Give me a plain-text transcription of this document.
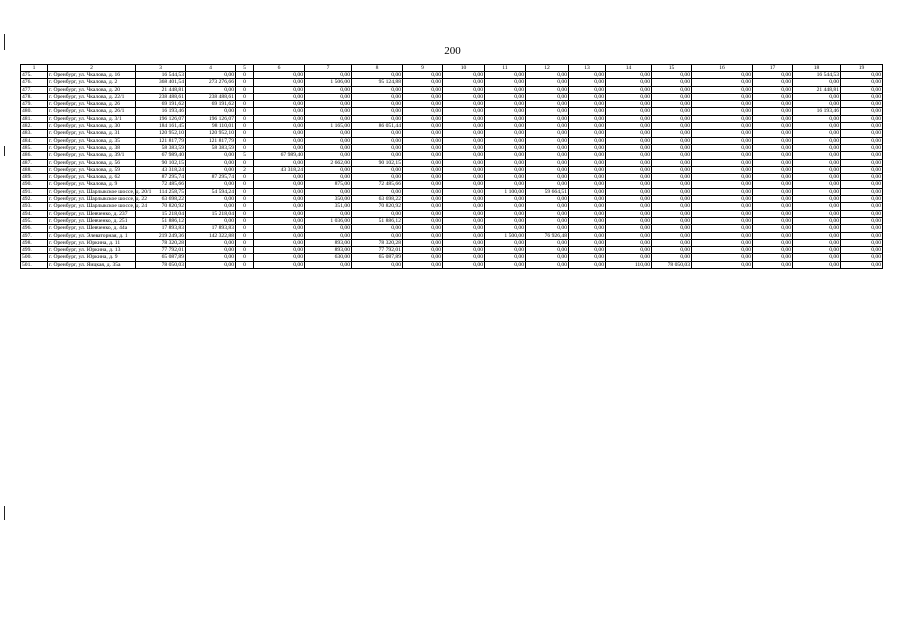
200
1	2	3	4	5	6	7	8	9	10	11	12	13	14	15	16	17	18	19
475.	г. Оренбург, ул. Чкалова, д. 16	16 544,53	0,00	0	0,00	0,00	0,00	0,00	0,00	0,00	0,00	0,00	0,00	0,00	0,00	0,00	16 544,53	0,00
476.	г. Оренбург, ул. Чкалова, д. 2	368 401,54	273 276,66	0	0,00	1 506,00	95 124,88	0,00	0,00	0,00	0,00	0,00	0,00	0,00	0,00	0,00	0,00	0,00
477.	г. Оренбург, ул. Чкалова, д. 20	21 448,81	0,00	0	0,00	0,00	0,00	0,00	0,00	0,00	0,00	0,00	0,00	0,00	0,00	0,00	21 448,81	0,00
478.	г. Оренбург, ул. Чкалова, д. 22/1	238 488,61	238 488,61	0	0,00	0,00	0,00	0,00	0,00	0,00	0,00	0,00	0,00	0,00	0,00	0,00	0,00	0,00
479.	г. Оренбург, ул. Чкалова, д. 26	69 191,62	69 191,62	0	0,00	0,00	0,00	0,00	0,00	0,00	0,00	0,00	0,00	0,00	0,00	0,00	0,00	0,00
480.	г. Оренбург, ул. Чкалова, д. 26/1	16 193,46	0,00	0	0,00	0,00	0,00	0,00	0,00	0,00	0,00	0,00	0,00	0,00	0,00	0,00	16 193,46	0,00
481.	г. Оренбург, ул. Чкалова, д. 3/1	196 126,07	196 126,07	0	0,00	0,00	0,00	0,00	0,00	0,00	0,00	0,00	0,00	0,00	0,00	0,00	0,00	0,00
482.	г. Оренбург, ул. Чкалова, д. 30	184 161,45	98 110,01	0	0,00	1 165,00	86 051,44	0,00	0,00	0,00	0,00	0,00	0,00	0,00	0,00	0,00	0,00	0,00
483.	г. Оренбург, ул. Чкалова, д. 31	120 952,10	120 952,10	0	0,00	0,00	0,00	0,00	0,00	0,00	0,00	0,00	0,00	0,00	0,00	0,00	0,00	0,00
484.	г. Оренбург, ул. Чкалова, д. 35	121 817,79	121 817,79	0	0,00	0,00	0,00	0,00	0,00	0,00	0,00	0,00	0,00	0,00	0,00	0,00	0,00	0,00
485.	г. Оренбург, ул. Чкалова, д. 38	58 383,59	58 383,59	0	0,00	0,00	0,00	0,00	0,00	0,00	0,00	0,00	0,00	0,00	0,00	0,00	0,00	0,00
486.	г. Оренбург, ул. Чкалова, д. 39/1	67 989,40	0,00	5	67 989,40	0,00	0,00	0,00	0,00	0,00	0,00	0,00	0,00	0,00	0,00	0,00	0,00	0,00
487.	г. Оренбург, ул. Чкалова, д. 56	90 102,15	0,00	0	0,00	2 662,00	90 102,15	0,00	0,00	0,00	0,00	0,00	0,00	0,00	0,00	0,00	0,00	0,00
488.	г. Оренбург, ул. Чкалова, д. 59	43 318,24	0,00	2	43 318,24	0,00	0,00	0,00	0,00	0,00	0,00	0,00	0,00	0,00	0,00	0,00	0,00	0,00
489.	г. Оренбург, ул. Чкалова, д. 62	87 295,74	87 295,74	0	0,00	0,00	0,00	0,00	0,00	0,00	0,00	0,00	0,00	0,00	0,00	0,00	0,00	0,00
490.	г. Оренбург, ул. Чкалова, д. 9	72 485,66	0,00	0	0,00	875,00	72 485,66	0,00	0,00	0,00	0,00	0,00	0,00	0,00	0,00	0,00	0,00	0,00
491.	г. Оренбург, ул. Шарлыкское шоссе, д. 20/1	114 258,75	54 594,24	0	0,00	0,00	0,00	0,00	0,00	1 100,00	59 664,51	0,00	0,00	0,00	0,00	0,00	0,00	0,00
492.	г. Оренбург, ул. Шарлыкское шоссе, д. 22	63 698,22	0,00	0	0,00	350,00	63 698,22	0,00	0,00	0,00	0,00	0,00	0,00	0,00	0,00	0,00	0,00	0,00
493.	г. Оренбург, ул. Шарлыкское шоссе, д. 24	70 820,92	0,00	0	0,00	351,00	70 820,92	0,00	0,00	0,00	0,00	0,00	0,00	0,00	0,00	0,00	0,00	0,00
494.	г. Оренбург, ул. Шевченко, д. 237	15 218,04	15 218,04	0	0,00	0,00	0,00	0,00	0,00	0,00	0,00	0,00	0,00	0,00	0,00	0,00	0,00	0,00
495.	г. Оренбург, ул. Шевченко, д. 251	51 886,12	0,00	0	0,00	1 036,00	51 886,12	0,00	0,00	0,00	0,00	0,00	0,00	0,00	0,00	0,00	0,00	0,00
496.	г. Оренбург, ул. Шевченко, д. 44а	17 893,83	17 893,83	0	0,00	0,00	0,00	0,00	0,00	0,00	0,00	0,00	0,00	0,00	0,00	0,00	0,00	0,00
497.	г. Оренбург, ул. Элеваторная, д. 1	219 249,36	142 322,88	0	0,00	0,00	0,00	0,00	0,00	1 500,00	76 926,48	0,00	0,00	0,00	0,00	0,00	0,00	0,00
498.	г. Оренбург, ул. Юркина, д. 11	78 320,28	0,00	0	0,00	893,00	78 320,28	0,00	0,00	0,00	0,00	0,00	0,00	0,00	0,00	0,00	0,00	0,00
499.	г. Оренбург, ул. Юркина, д. 13	77 792,01	0,00	0	0,00	893,00	77 792,01	0,00	0,00	0,00	0,00	0,00	0,00	0,00	0,00	0,00	0,00	0,00
500.	г. Оренбург, ул. Юркина, д. 9	65 087,89	0,00	0	0,00	630,00	65 087,89	0,00	0,00	0,00	0,00	0,00	0,00	0,00	0,00	0,00	0,00	0,00
501.	г. Оренбург, ул. Яицкая, д. 35а	78 050,03	0,00	0	0,00	0,00	0,00	0,00	0,00	0,00	0,00	0,00	110,00	78 050,03	0,00	0,00	0,00	0,00
